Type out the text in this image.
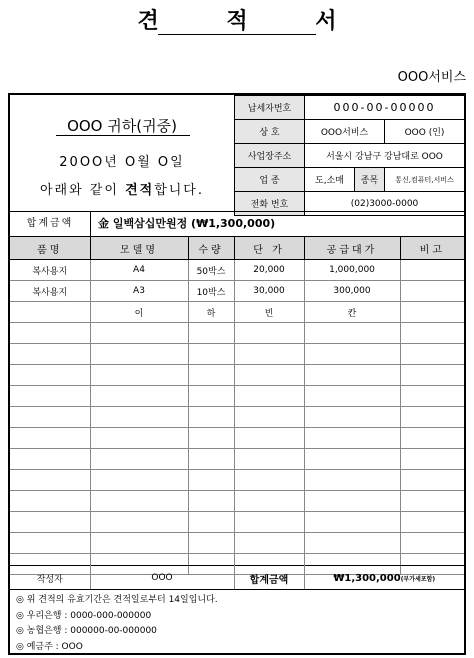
견 적 서
OOO서비스
OOO 귀하(귀중)
20OO년 O월 O일
아래와 같이 견적합니다.
납세자번호	000-00-00000		
상 호	OOO서비스		OOO (인)
사업장주소	서울시 강남구 강남대로 OOO		
업 종	도,소매	종목	통신,컴퓨터,서비스
전화 번호	(02)3000-0000		
합계금액	金 일백삼십만원정 (₩1,300,000)
품명	모델명	수량	단 가	공급대가	비고
복사용지	A4	50박스	20,000	1,000,000	
복사용지	A3	10박스	30,000	300,000	
	이	하	빈	칸	

작성자	OOO	합계금액	₩1,300,000(부가세포함)
◎ 위 견적의 유효기간은 견적일로부터 14일입니다.
◎ 우리은행 : 0000-000-000000
◎ 농협은행 : 000000-00-000000
◎ 예금주 : OOO
